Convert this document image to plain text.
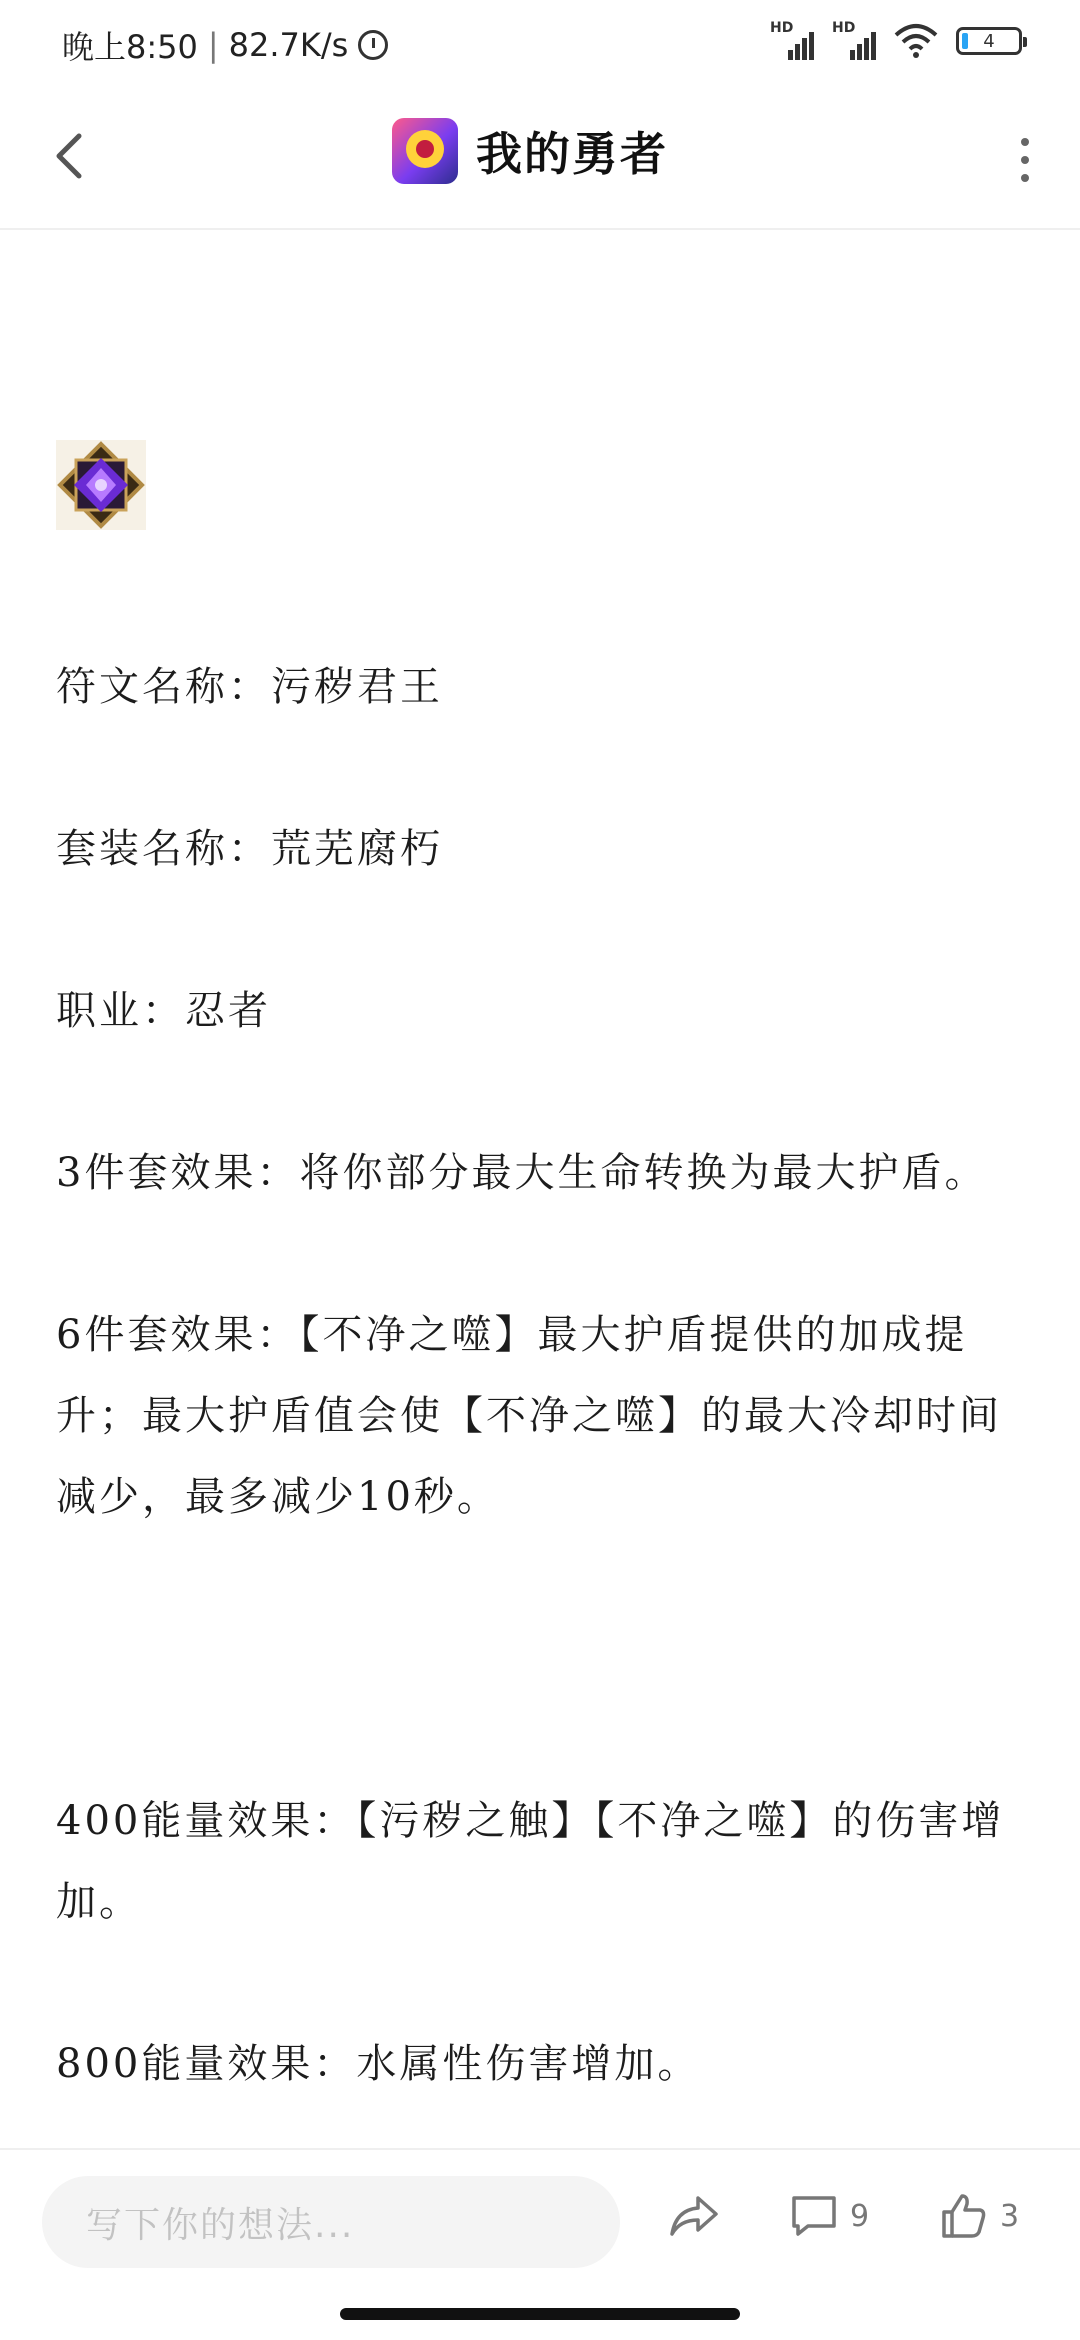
晚上8:50 | 82.7K/s	HD	HD
4
我的勇者

符文名称：污秽君王

套装名称：荒芜腐朽

职业：忍者

3件套效果：将你部分最大生命转换为最大护盾。

6件套效果：【不净之噬】最大护盾提供的加成提升；最大护盾值会使【不净之噬】的最大冷却时间减少，最多减少10秒。

400能量效果：【污秽之触】【不净之噬】的伤害增加。

800能量效果：水属性伤害增加。

写下你的想法...	9	3
